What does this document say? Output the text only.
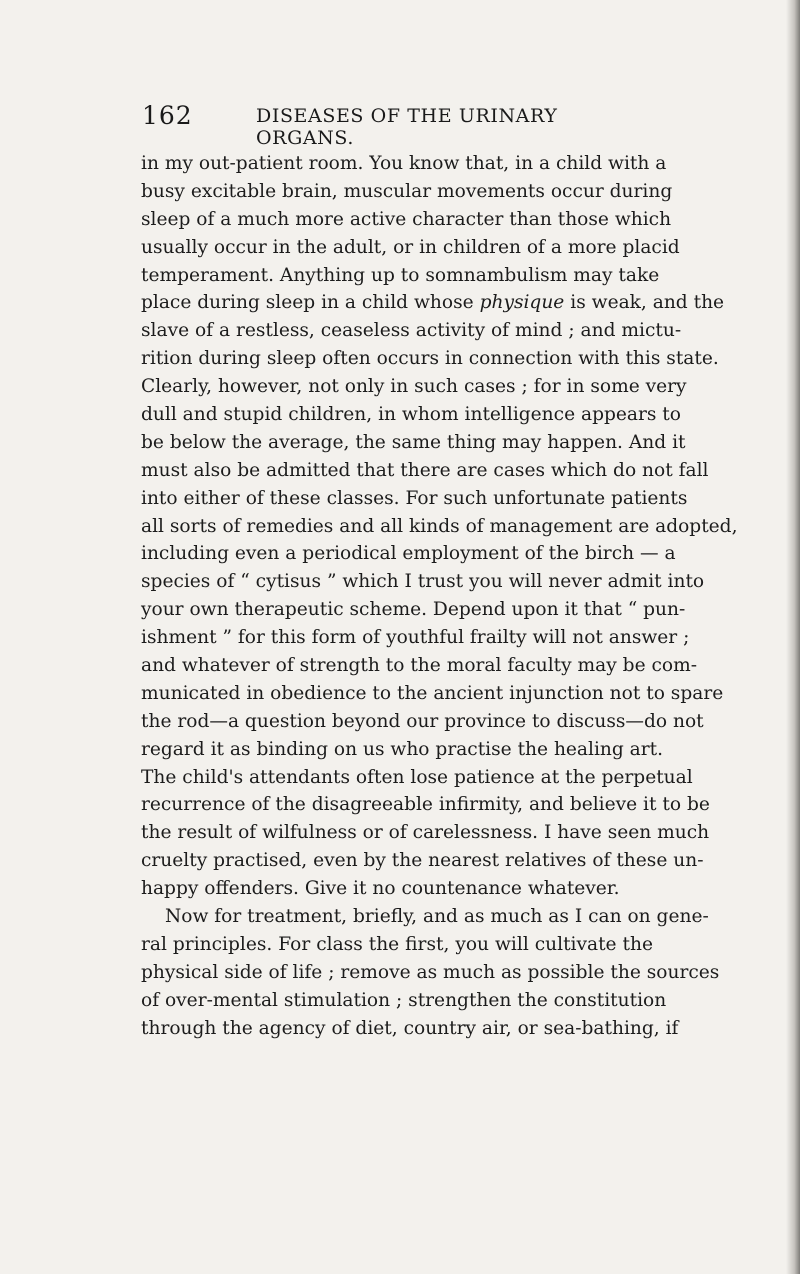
162	DISEASES OF THE URINARY ORGANS.
in my out-patient room. You know that, in a child with a
busy excitable brain, muscular movements occur during
sleep of a much more active character than those which
usually occur in the adult, or in children of a more placid
temperament. Anything up to somnambulism may take
place during sleep in a child whose physique is weak, and the
slave of a restless, ceaseless activity of mind ; and mictu-
rition during sleep often occurs in connection with this state.
Clearly, however, not only in such cases ; for in some very
dull and stupid children, in whom intelligence appears to
be below the average, the same thing may happen. And it
must also be admitted that there are cases which do not fall
into either of these classes. For such unfortunate patients
all sorts of remedies and all kinds of management are adopted,
including even a periodical employment of the birch — a
species of “ cytisus ” which I trust you will never admit into
your own therapeutic scheme. Depend upon it that “ pun-
ishment ” for this form of youthful frailty will not answer ;
and whatever of strength to the moral faculty may be com-
municated in obedience to the ancient injunction not to spare
the rod—a question beyond our province to discuss—do not
regard it as binding on us who practise the healing art.
The child's attendants often lose patience at the perpetual
recurrence of the disagreeable infirmity, and believe it to be
the result of wilfulness or of carelessness. I have seen much
cruelty practised, even by the nearest relatives of these un-
happy offenders. Give it no countenance whatever.
Now for treatment, briefly, and as much as I can on gene-
ral principles. For class the first, you will cultivate the
physical side of life ; remove as much as possible the sources
of over-mental stimulation ; strengthen the constitution
through the agency of diet, country air, or sea-bathing, if
